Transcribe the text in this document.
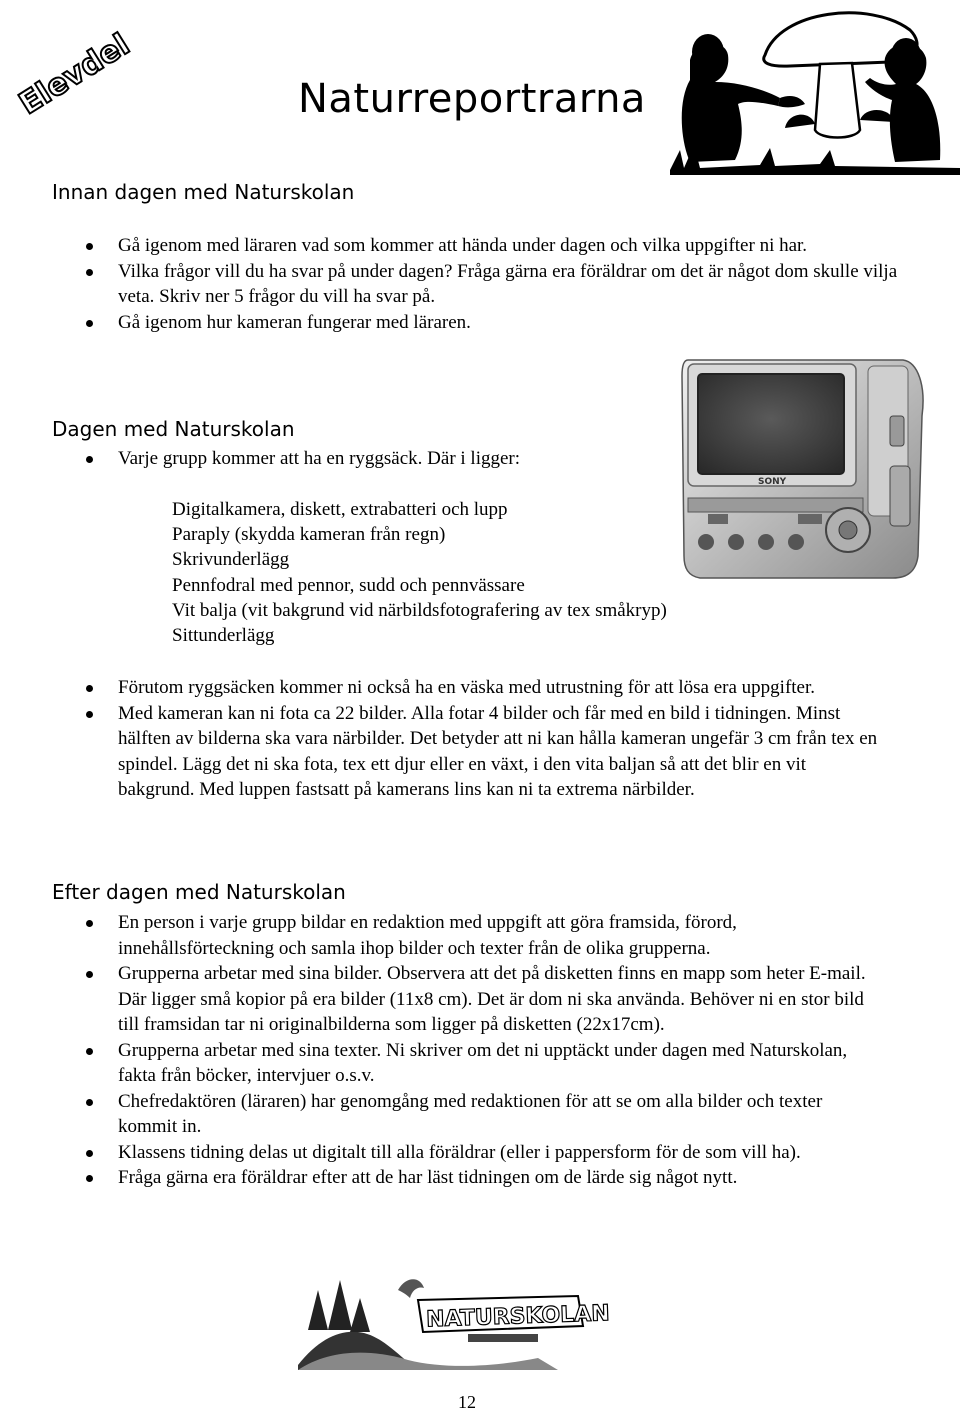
Elevdel	Naturreportrarna
Innan dagen med Naturskolan
Gå igenom med läraren vad som kommer att hända under dagen och vilka uppgifter ni har.
Vilka frågor vill du ha svar på under dagen? Fråga gärna era föräldrar om det är något dom skulle vilja veta. Skriv ner 5 frågor du vill ha svar på.
Gå igenom hur kameran fungerar med läraren.
Dagen med Naturskolan
Varje grupp kommer att ha en ryggsäck. Där i ligger:
Digitalkamera, diskett, extrabatteri och lupp
Paraply (skydda kameran från regn)
Skrivunderlägg
Pennfodral med pennor, sudd och pennvässare
Vit balja (vit bakgrund vid närbildsfotografering av tex småkryp)
Sittunderlägg
SONY
Förutom ryggsäcken kommer ni också ha en väska med utrustning för att lösa era uppgifter.
Med kameran kan ni fota ca 22 bilder. Alla fotar 4 bilder och får med en bild i tidningen. Minst hälften av bilderna ska vara närbilder. Det betyder att ni kan hålla kameran ungefär 3 cm från tex en spindel. Lägg det ni ska fota, tex ett djur eller en växt, i den vita baljan så att det blir en vit bakgrund. Med luppen fastsatt på kamerans lins kan ni ta extrema närbilder.
Efter dagen med Naturskolan
En person i varje grupp bildar en redaktion med uppgift att göra framsida, förord, innehållsförteckning och samla ihop bilder och texter från de olika grupperna.
Grupperna arbetar med sina bilder. Observera att det på disketten finns en mapp som heter E-mail. Där ligger små kopior på era bilder (11x8 cm). Det är dom ni ska använda. Behöver ni en stor bild till framsidan tar ni originalbilderna som ligger på disketten (22x17cm).
Grupperna arbetar med sina texter. Ni skriver om det ni upptäckt under dagen med Naturskolan, fakta från böcker, intervjuer o.s.v.
Chefredaktören (läraren) har genomgång med redaktionen för att se om alla bilder och texter kommit in.
Klassens tidning delas ut digitalt till alla föräldrar (eller i pappersform för de som vill ha).
Fråga gärna era föräldrar efter att de har läst tidningen om de lärde sig något nytt.
NATURSKOLAN
12
